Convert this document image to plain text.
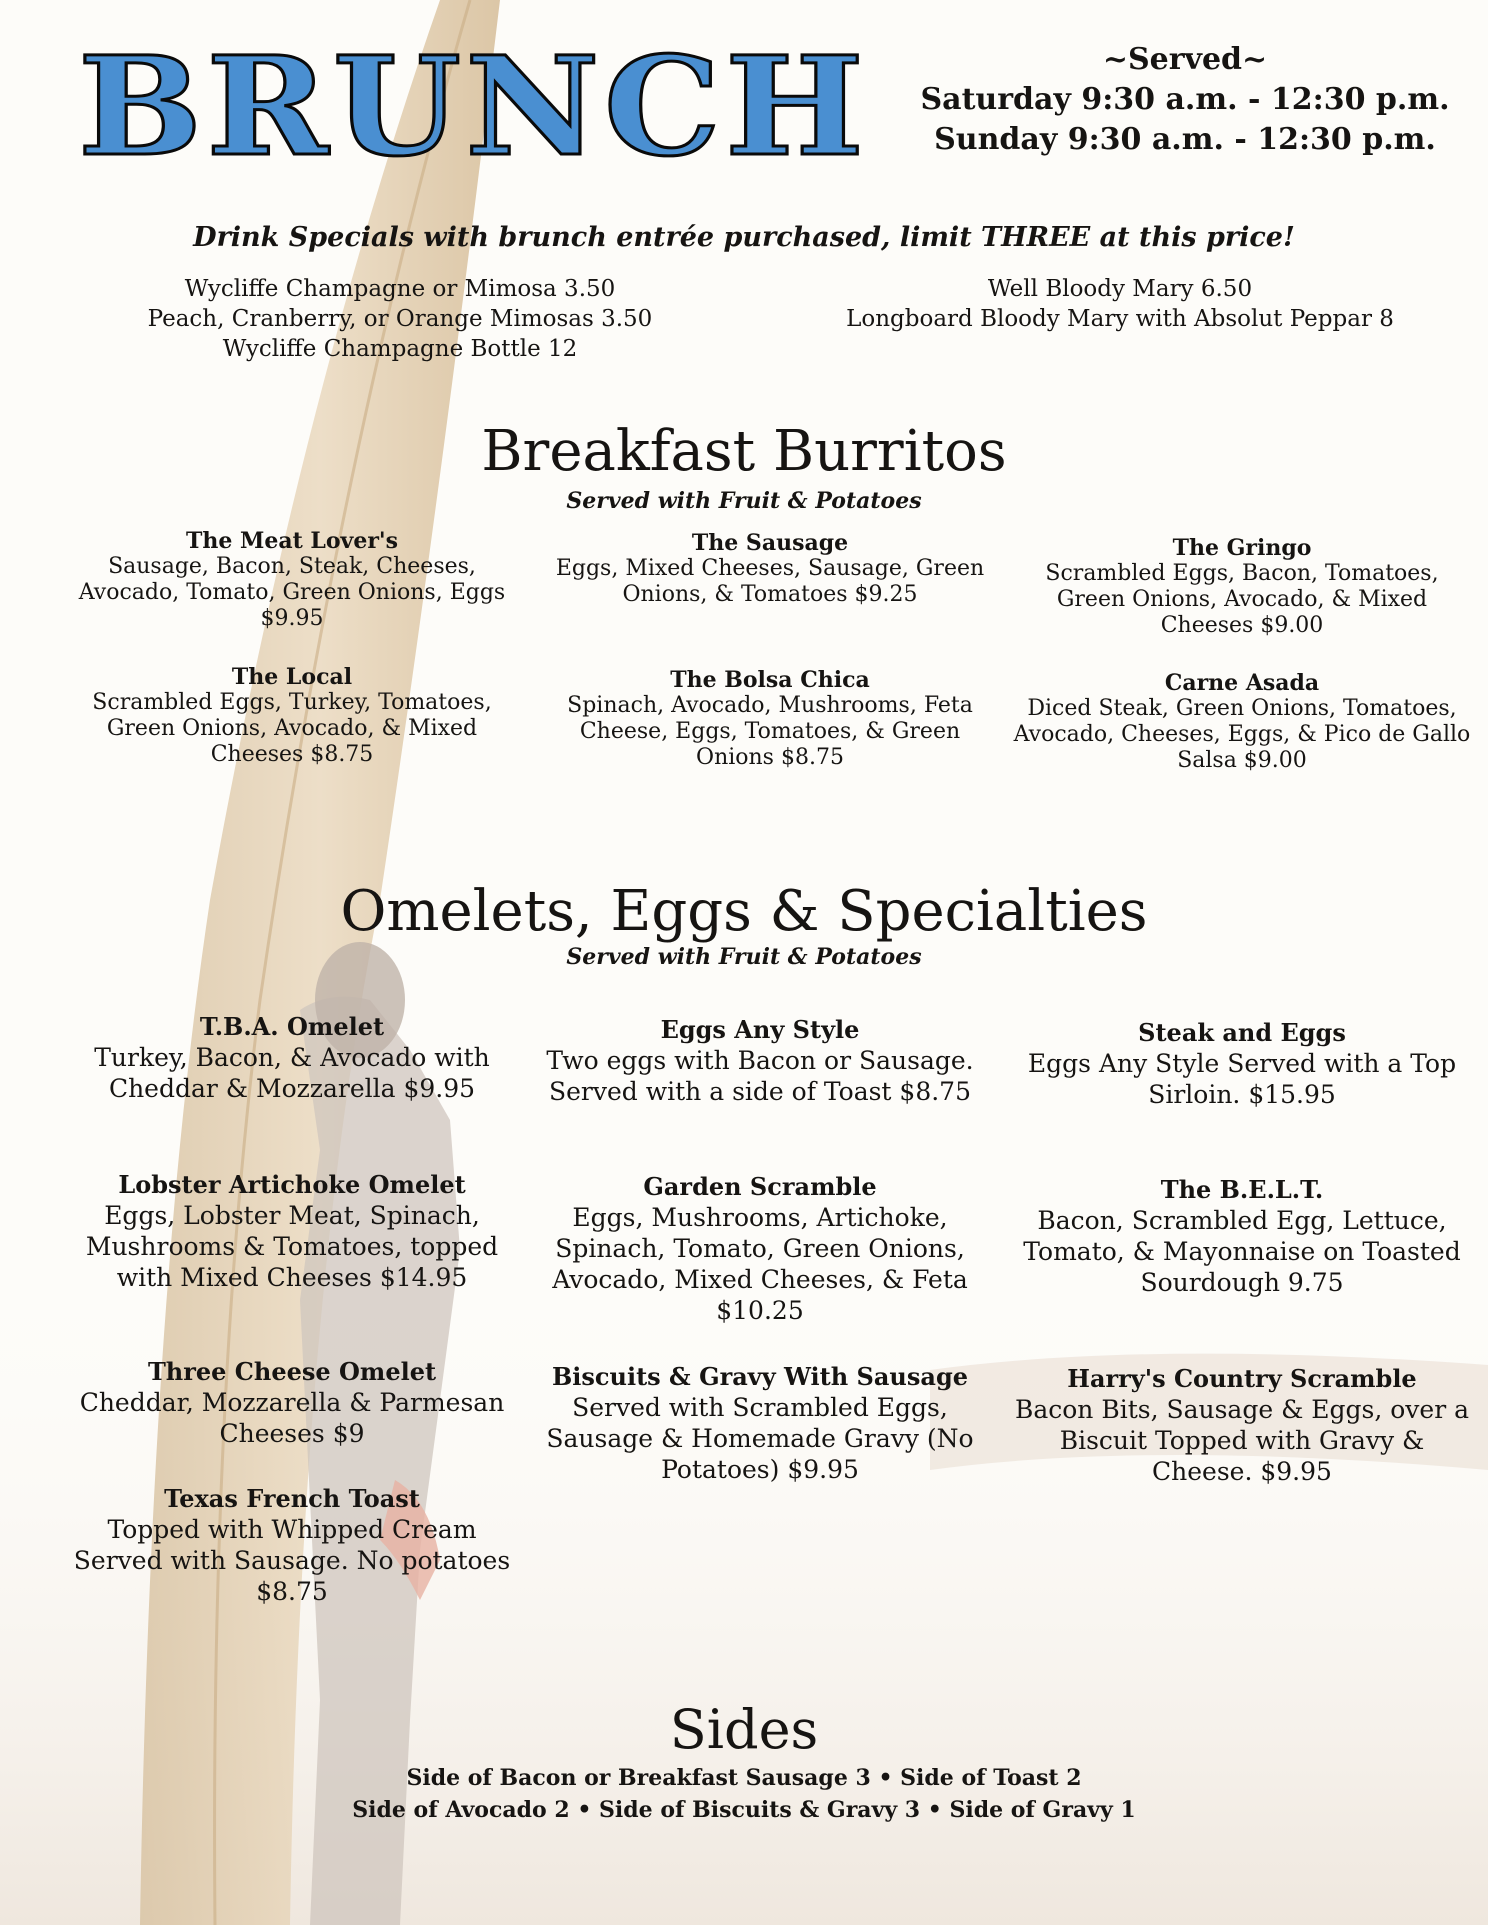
BRUNCH	~Served~
Saturday 9:30 a.m. - 12:30 p.m.
Sunday 9:30 a.m. - 12:30 p.m.
Drink Specials with brunch entrée purchased, limit THREE at this price!
Wycliffe Champagne or Mimosa 3.50
Peach, Cranberry, or Orange Mimosas 3.50
Wycliffe Champagne Bottle 12
Well Bloody Mary 6.50
Longboard Bloody Mary with Absolut Peppar 8
Breakfast Burritos
Served with Fruit & Potatoes
The Meat Lover's
Sausage, Bacon, Steak, Cheeses, Avocado, Tomato, Green Onions, Eggs $9.95
The Sausage
Eggs, Mixed Cheeses, Sausage, Green Onions, & Tomatoes $9.25
The Gringo
Scrambled Eggs, Bacon, Tomatoes, Green Onions, Avocado, & Mixed Cheeses $9.00
The Local
Scrambled Eggs, Turkey, Tomatoes, Green Onions, Avocado, & Mixed Cheeses $8.75
The Bolsa Chica
Spinach, Avocado, Mushrooms, Feta Cheese, Eggs, Tomatoes, & Green Onions $8.75
Carne Asada
Diced Steak, Green Onions, Tomatoes, Avocado, Cheeses, Eggs, & Pico de Gallo Salsa $9.00
Omelets, Eggs & Specialties
Served with Fruit & Potatoes
T.B.A. Omelet
Turkey, Bacon, & Avocado with Cheddar & Mozzarella $9.95
Eggs Any Style
Two eggs with Bacon or Sausage. Served with a side of Toast $8.75
Steak and Eggs
Eggs Any Style Served with a Top Sirloin. $15.95
Lobster Artichoke Omelet
Eggs, Lobster Meat, Spinach, Mushrooms & Tomatoes, topped with Mixed Cheeses $14.95
Garden Scramble
Eggs, Mushrooms, Artichoke, Spinach, Tomato, Green Onions, Avocado, Mixed Cheeses, & Feta $10.25
The B.E.L.T.
Bacon, Scrambled Egg, Lettuce, Tomato, & Mayonnaise on Toasted Sourdough 9.75
Three Cheese Omelet
Cheddar, Mozzarella & Parmesan Cheeses $9
Biscuits & Gravy With Sausage
Served with Scrambled Eggs, Sausage & Homemade Gravy (No Potatoes) $9.95
Harry's Country Scramble
Bacon Bits, Sausage & Eggs, over a Biscuit Topped with Gravy & Cheese. $9.95
Texas French Toast
Topped with Whipped Cream Served with Sausage. No potatoes $8.75
Sides
Side of Bacon or Breakfast Sausage 3 • Side of Toast 2
Side of Avocado 2 • Side of Biscuits & Gravy 3 • Side of Gravy 1
